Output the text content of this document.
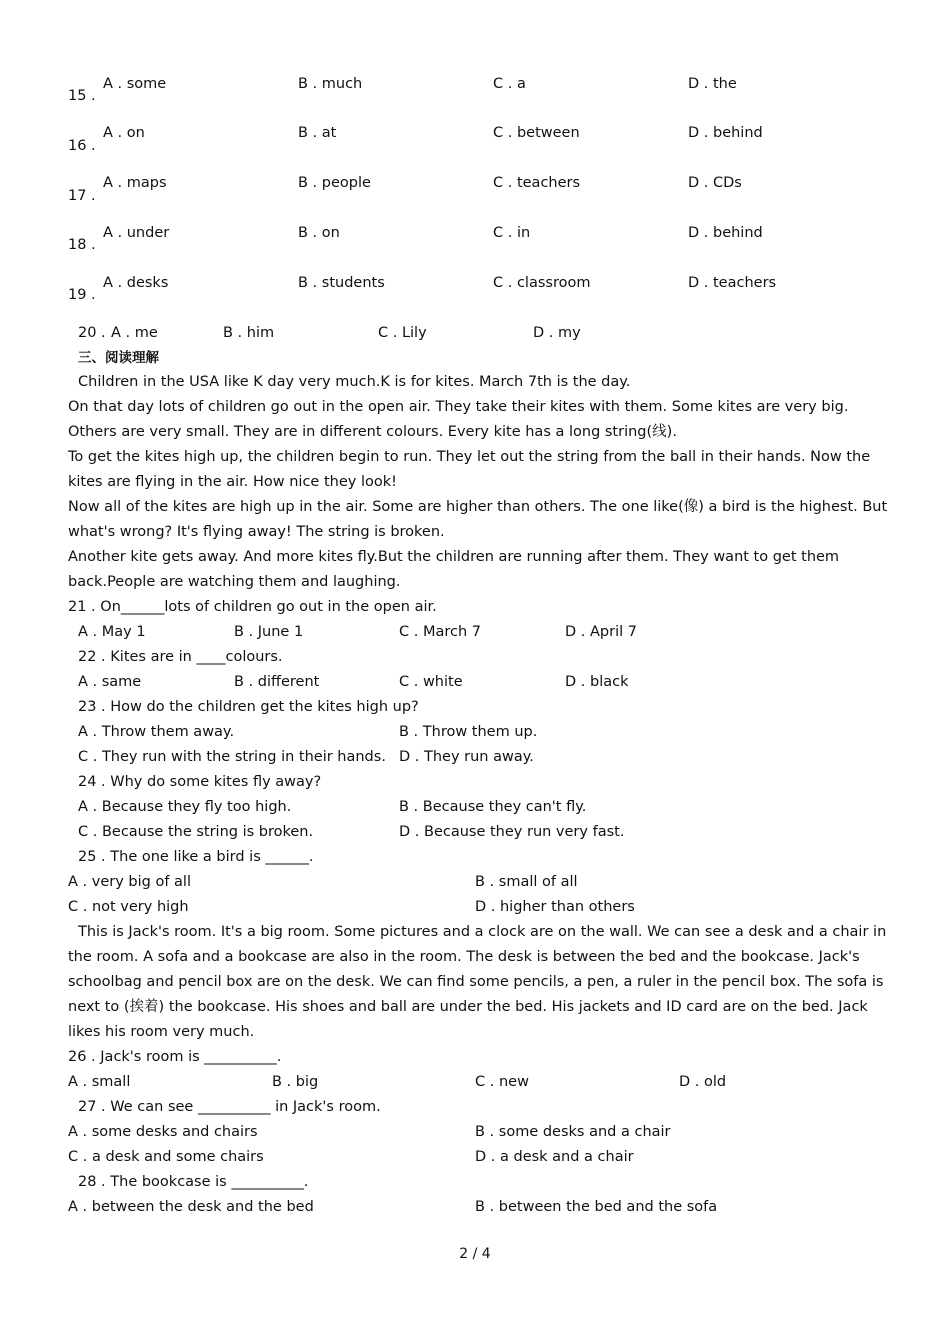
15 .
A . some	B . much	C . a	D . the
16 .
A . on	B . at	C . between	D . behind
17 .
A . maps	B . people	C . teachers	D . CDs
18 .
A . under	B . on	C . in	D . behind
19 .
A . desks	B . students	C . classroom	D . teachers
20 . A . me	B . him	C . Lily	D . my
三、阅读理解

Children in the USA like K day very much.K is for kites. March 7th is the day.

On that day lots of children go out in the open air. They take their kites with them. Some kites are very big.

Others are very small. They are in different colours. Every kite has a long string(线).

To get the kites high up, the children begin to run. They let out the string from the ball in their hands. Now the

kites are flying in the air. How nice they look!

Now all of the kites are high up in the air. Some are higher than others. The one like(像) a bird is the highest. But

what's wrong? It's flying away! The string is broken.

Another kite gets away. And more kites fly.But the children are running after them. They want to get them

back.People are watching them and laughing.

21 . On______lots of children go out in the open air.
A . May 1	B . June 1	C . March 7	D . April 7
22 . Kites are in ____colours.
A . same	B . different	C . white	D . black
23 . How do the children get the kites high up?
A . Throw them away.	B . Throw them up.
C . They run with the string in their hands. D . They run away.
24 . Why do some kites fly away?
A . Because they fly too high.	B . Because they can't fly.
C . Because the string is broken.	D . Because they run very fast.
25 . The one like a bird is ______.
A . very big of all	B . small of all
C . not very high	D . higher than others

This is Jack's room. It's a big room. Some pictures and a clock are on the wall. We can see a desk and a chair in

the room. A sofa and a bookcase are also in the room. The desk is between the bed and the bookcase. Jack's

schoolbag and pencil box are on the desk. We can find some pencils, a pen, a ruler in the pencil box. The sofa is

next to (挨着) the bookcase. His shoes and ball are under the bed. His jackets and ID card are on the bed. Jack

likes his room very much.

26 . Jack's room is __________.
A . small	B . big	C . new	D . old
27 . We can see __________ in Jack's room.
A . some desks and chairs	B . some desks and a chair
C . a desk and some chairs	D . a desk and a chair
28 . The bookcase is __________.
A . between the desk and the bed	B . between the bed and the sofa
2 / 4
